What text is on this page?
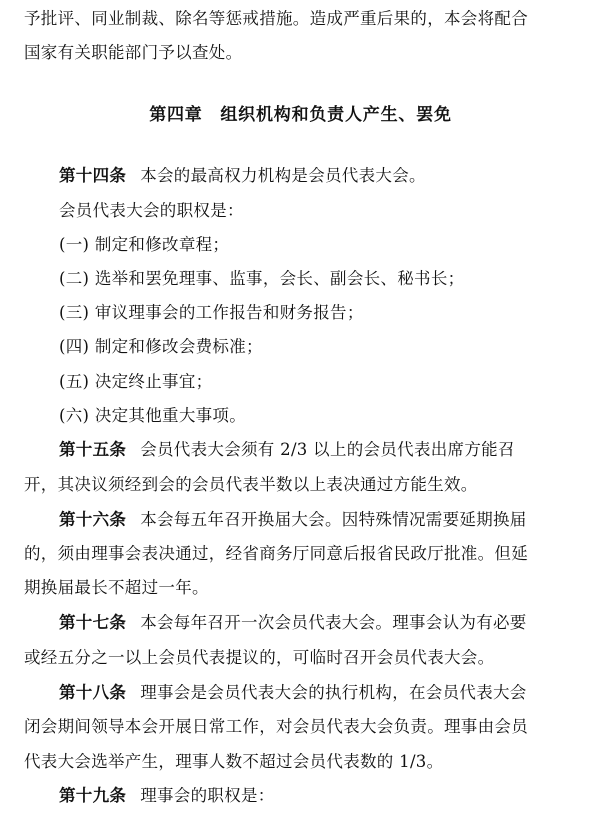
予批评、同业制裁、除名等惩戒措施。造成严重后果的，本会将配合
国家有关职能部门予以查处。
第四章　组织机构和负责人产生、罢免
第十四条 本会的最高权力机构是会员代表大会。
会员代表大会的职权是：
(一) 制定和修改章程；
(二) 选举和罢免理事、监事，会长、副会长、秘书长；
(三) 审议理事会的工作报告和财务报告；
(四) 制定和修改会费标准；
(五) 决定终止事宜；
(六) 决定其他重大事项。
第十五条 会员代表大会须有 2/3 以上的会员代表出席方能召
开，其决议须经到会的会员代表半数以上表决通过方能生效。
第十六条 本会每五年召开换届大会。因特殊情况需要延期换届
的，须由理事会表决通过，经省商务厅同意后报省民政厅批准。但延
期换届最长不超过一年。
第十七条 本会每年召开一次会员代表大会。理事会认为有必要
或经五分之一以上会员代表提议的，可临时召开会员代表大会。
第十八条 理事会是会员代表大会的执行机构，在会员代表大会
闭会期间领导本会开展日常工作，对会员代表大会负责。理事由会员
代表大会选举产生，理事人数不超过会员代表数的 1/3。
第十九条 理事会的职权是：
